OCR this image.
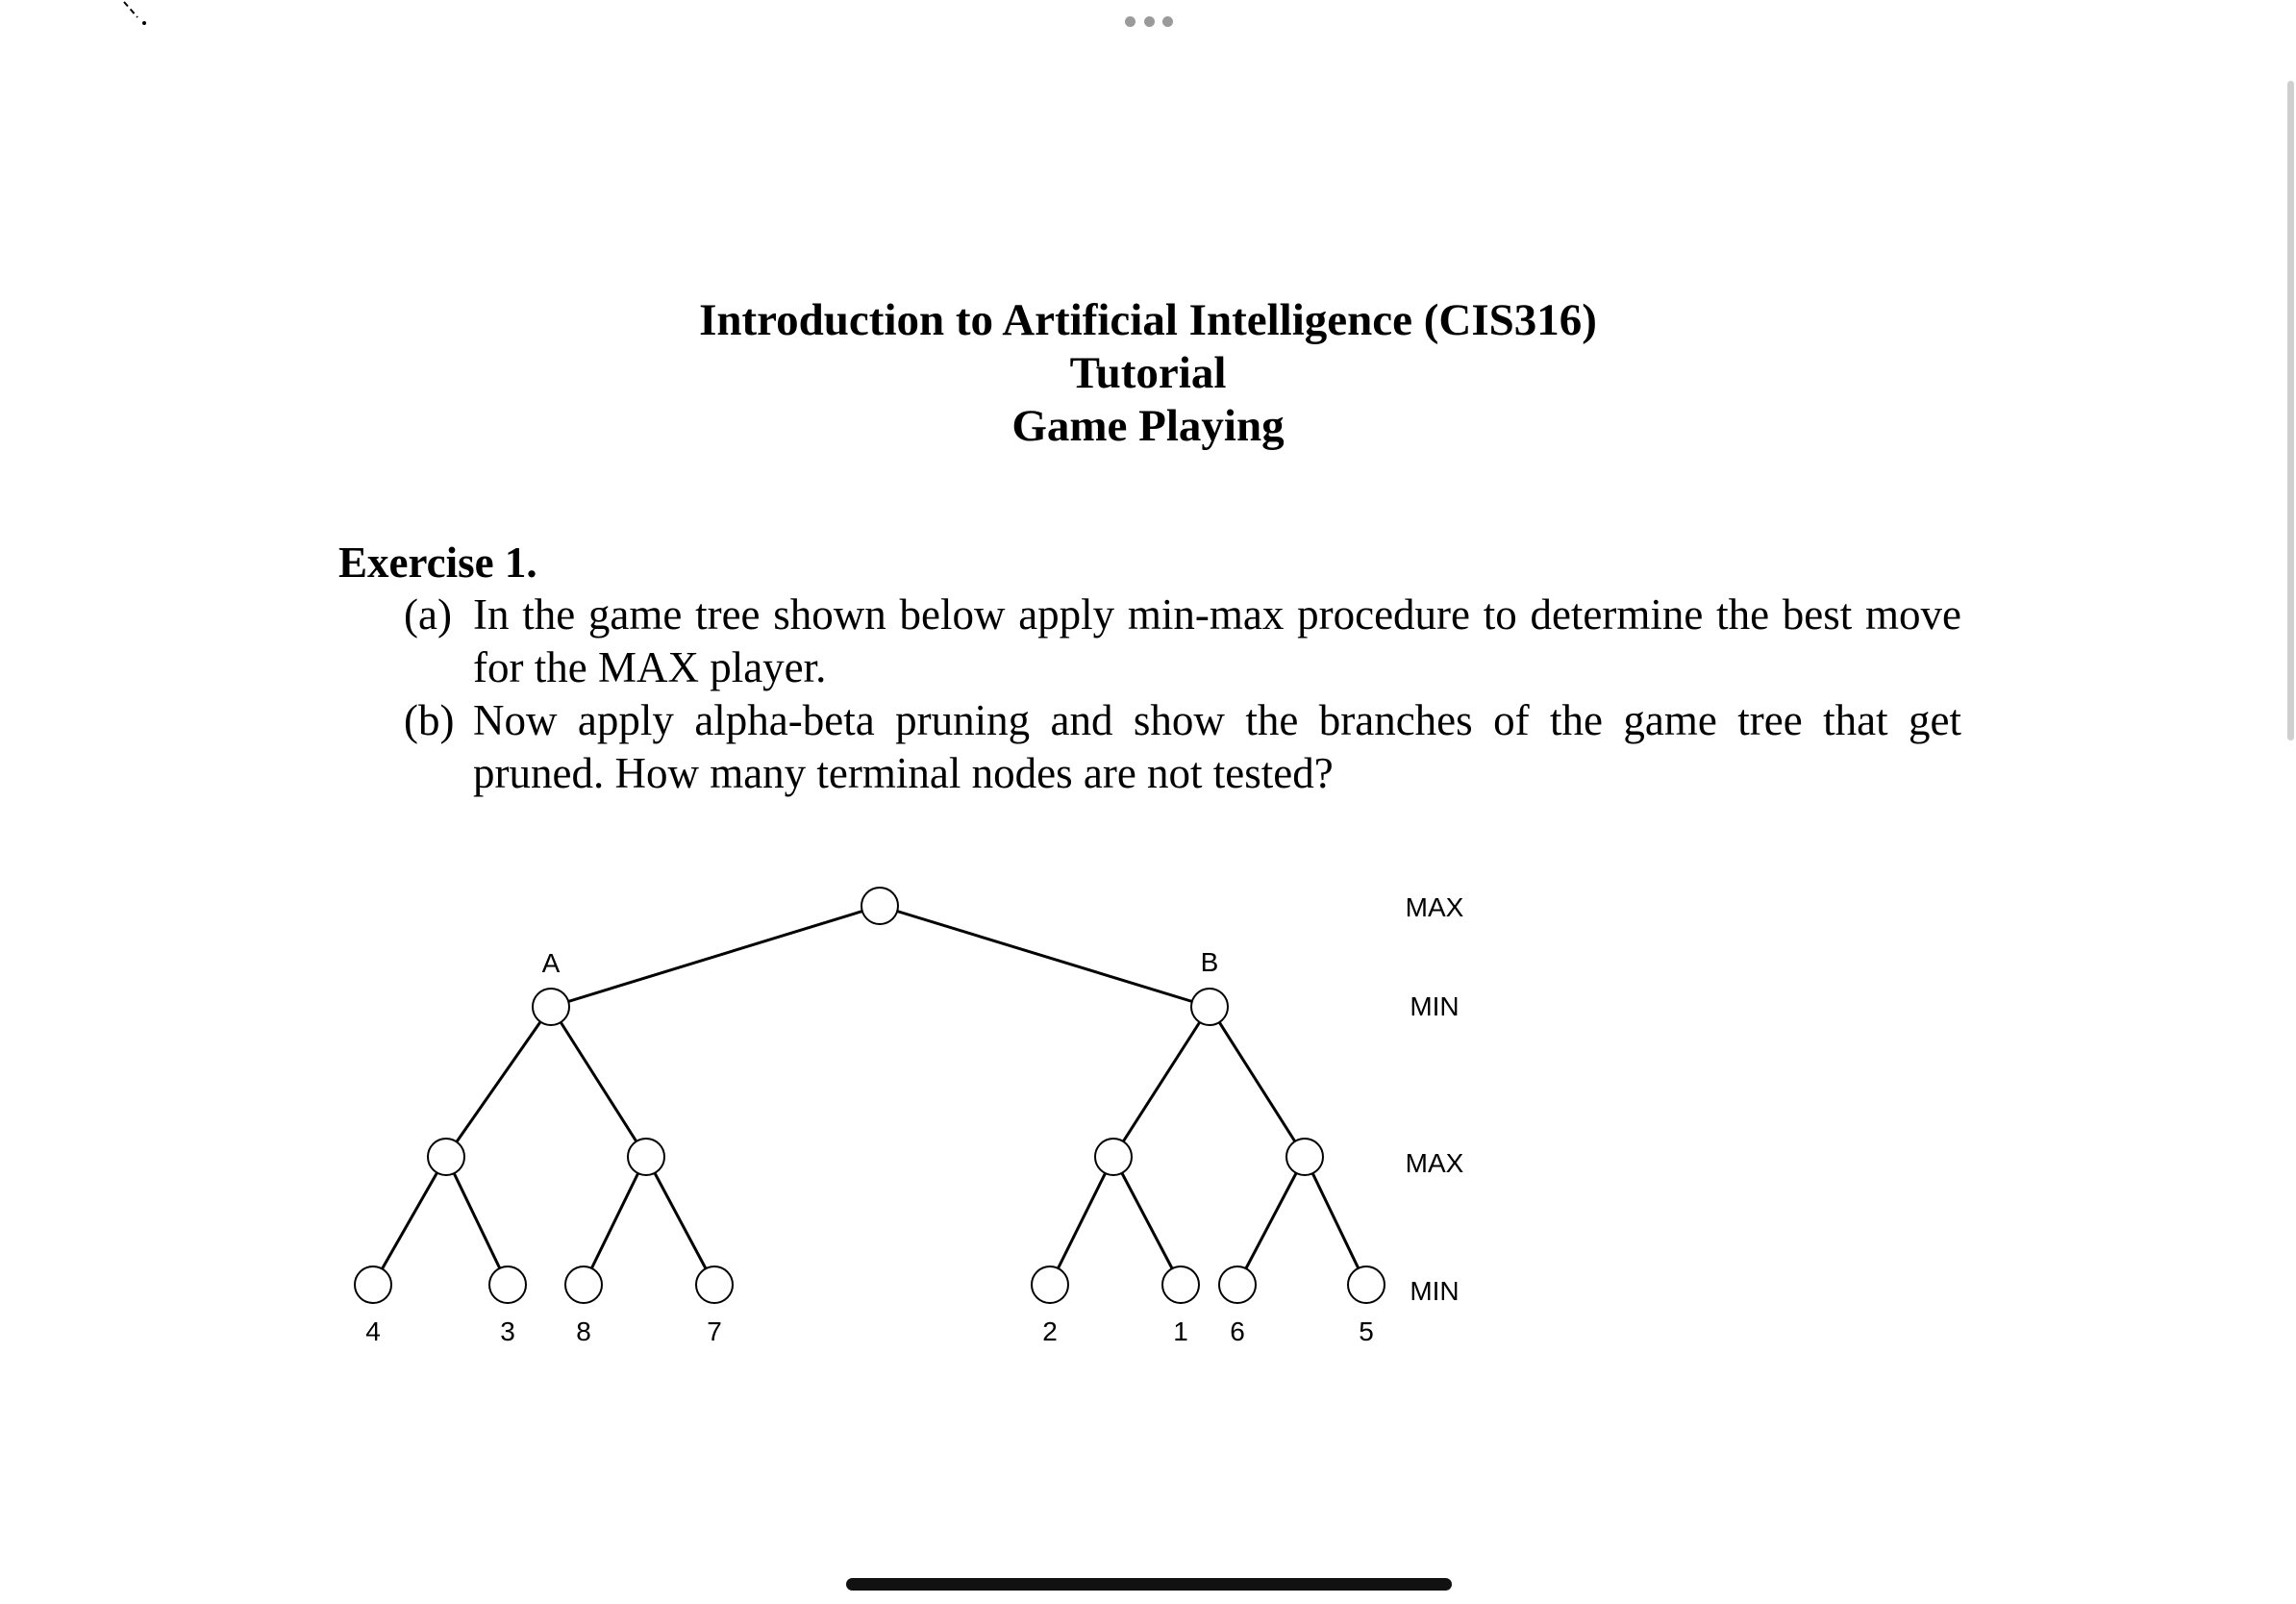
Introduction to Artificial Intelligence (CIS316)
Tutorial
Game Playing
Exercise 1.
(a) In the game tree shown below apply min-max procedure to determine the best move for the MAX player.
(b) Now apply alpha-beta pruning and show the branches of the game tree that get pruned. How many terminal nodes are not tested?
A	B
MAX
MIN
MAX
MIN
4	3 8	7	2	1 6	5
